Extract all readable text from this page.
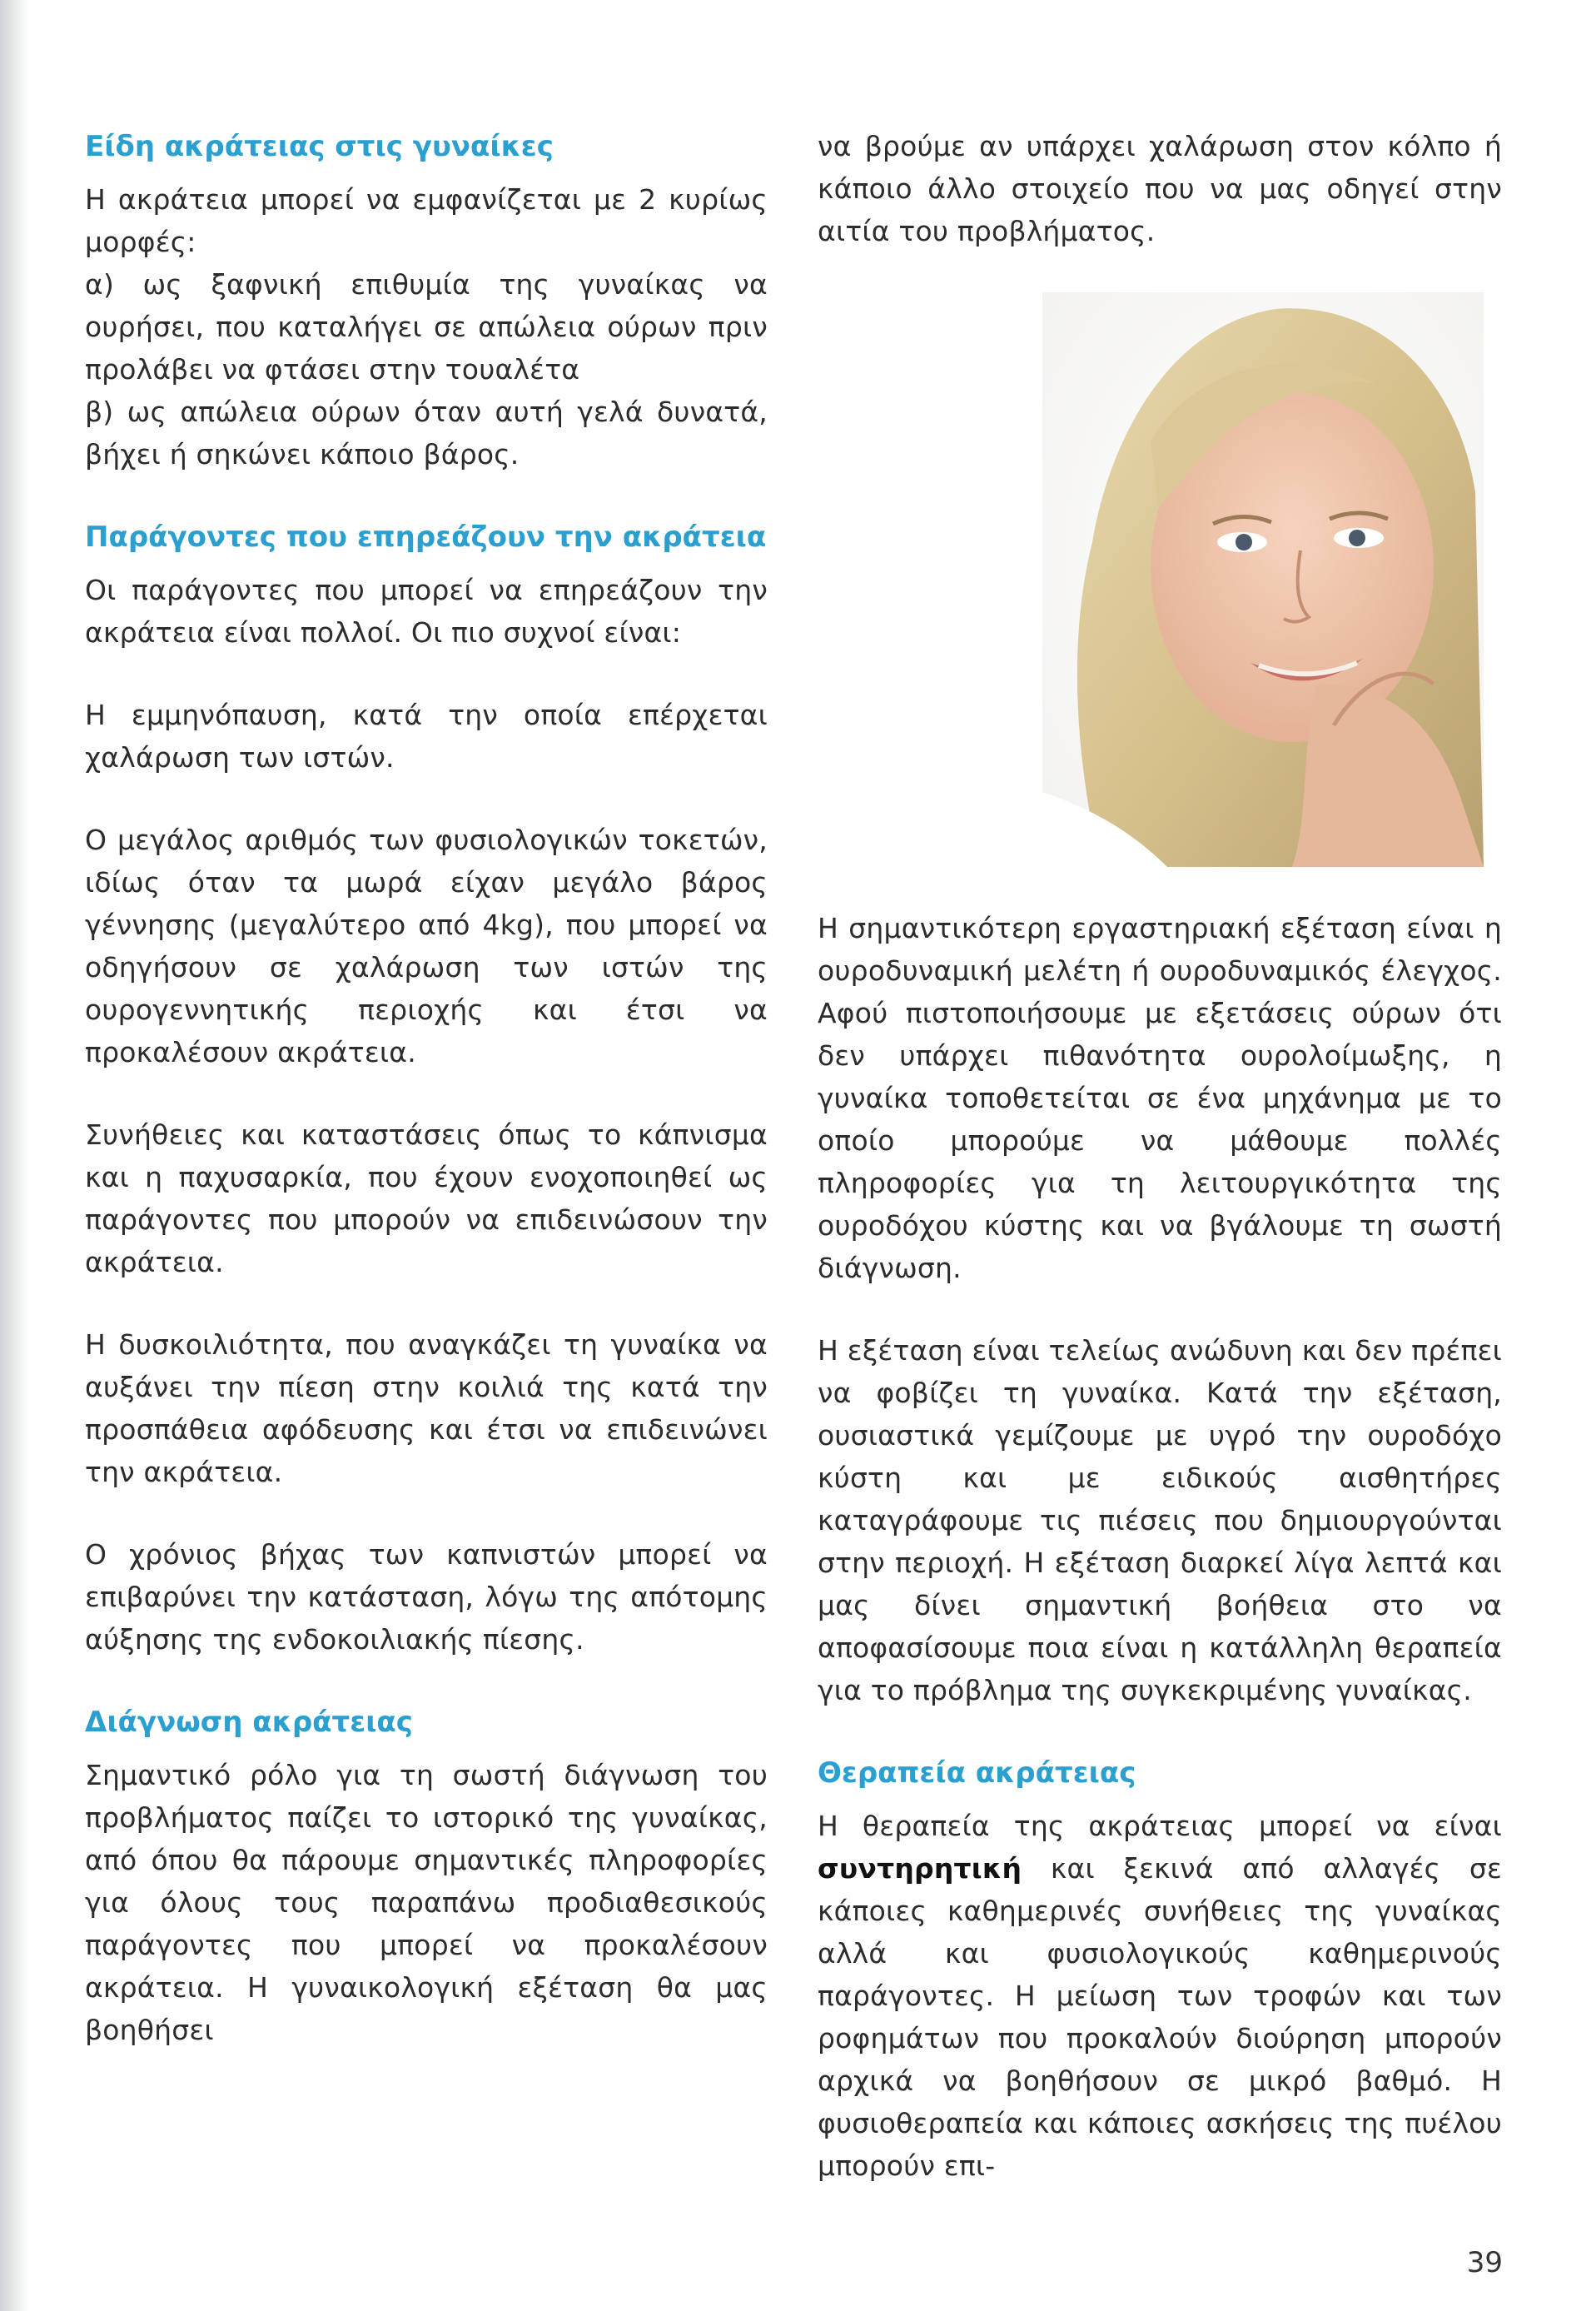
Είδη ακράτειας στις γυναίκες

Η ακράτεια μπορεί να εμφανίζεται με 2 κυρίως μορφές:

α) ως ξαφνική επιθυμία της γυναίκας να ουρήσει, που καταλήγει σε απώλεια ούρων πριν προλάβει να φτάσει στην τουαλέτα

β) ως απώλεια ούρων όταν αυτή γελά δυνατά, βήχει ή σηκώνει κάποιο βάρος.

Παράγοντες που επηρεάζουν την ακράτεια

Οι παράγοντες που μπορεί να επηρεάζουν την ακράτεια είναι πολλοί. Οι πιο συχνοί είναι:

Η εμμηνόπαυση, κατά την οποία επέρχεται χαλάρωση των ιστών.

Ο μεγάλος αριθμός των φυσιολογικών τοκετών, ιδίως όταν τα μωρά είχαν μεγάλο βάρος γέννησης (μεγαλύτερο από 4kg), που μπορεί να οδηγήσουν σε χαλάρωση των ιστών της ουρογεννητικής περιοχής και έτσι να προκαλέσουν ακράτεια.

Συνήθειες και καταστάσεις όπως το κάπνισμα και η παχυσαρκία, που έχουν ενοχοποιηθεί ως παράγοντες που μπορούν να επιδεινώσουν την ακράτεια.

Η δυσκοιλιότητα, που αναγκάζει τη γυναίκα να αυξάνει την πίεση στην κοιλιά της κατά την προσπάθεια αφόδευσης και έτσι να επιδεινώνει την ακράτεια.

Ο χρόνιος βήχας των καπνιστών μπορεί να επιβαρύνει την κατάσταση, λόγω της απότομης αύξησης της ενδοκοιλιακής πίεσης.

Διάγνωση ακράτειας

Σημαντικό ρόλο για τη σωστή διάγνωση του προβλήματος παίζει το ιστορικό της γυναίκας, από όπου θα πάρουμε σημαντικές πληροφορίες για όλους τους παραπάνω προδιαθεσικούς παράγοντες που μπορεί να προκαλέσουν ακράτεια. Η γυναικολογική εξέταση θα μας βοηθήσει

να βρούμε αν υπάρχει χαλάρωση στον κόλπο ή κάποιο άλλο στοιχείο που να μας οδηγεί στην αιτία του προβλήματος.

Η σημαντικότερη εργαστηριακή εξέταση είναι η ουροδυναμική μελέτη ή ουροδυναμικός έλεγχος. Αφού πιστοποιήσουμε με εξετάσεις ούρων ότι δεν υπάρχει πιθανότητα ουρολοίμωξης, η γυναίκα τοποθετείται σε ένα μηχάνημα με το οποίο μπορούμε να μάθουμε πολλές πληροφορίες για τη λειτουργικότητα της ουροδόχου κύστης και να βγάλουμε τη σωστή διάγνωση.

Η εξέταση είναι τελείως ανώδυνη και δεν πρέπει να φοβίζει τη γυναίκα. Κατά την εξέταση, ουσιαστικά γεμίζουμε με υγρό την ουροδόχο κύστη και με ειδικούς αισθητήρες καταγράφουμε τις πιέσεις που δημιουργούνται στην περιοχή. Η εξέταση διαρκεί λίγα λεπτά και μας δίνει σημαντική βοήθεια στο να αποφασίσουμε ποια είναι η κατάλληλη θεραπεία για το πρόβλημα της συγκεκριμένης γυναίκας.

Θεραπεία ακράτειας

Η θεραπεία της ακράτειας μπορεί να είναι συντηρητική και ξεκινά από αλλαγές σε κάποιες καθημερινές συνήθειες της γυναίκας αλλά και φυσιολογικούς καθημερινούς παράγοντες. Η μείωση των τροφών και των ροφημάτων που προκαλούν διούρηση μπορούν αρχικά να βοηθήσουν σε μικρό βαθμό. Η φυσιοθεραπεία και κάποιες ασκήσεις της πυέλου μπορούν επι-

39
